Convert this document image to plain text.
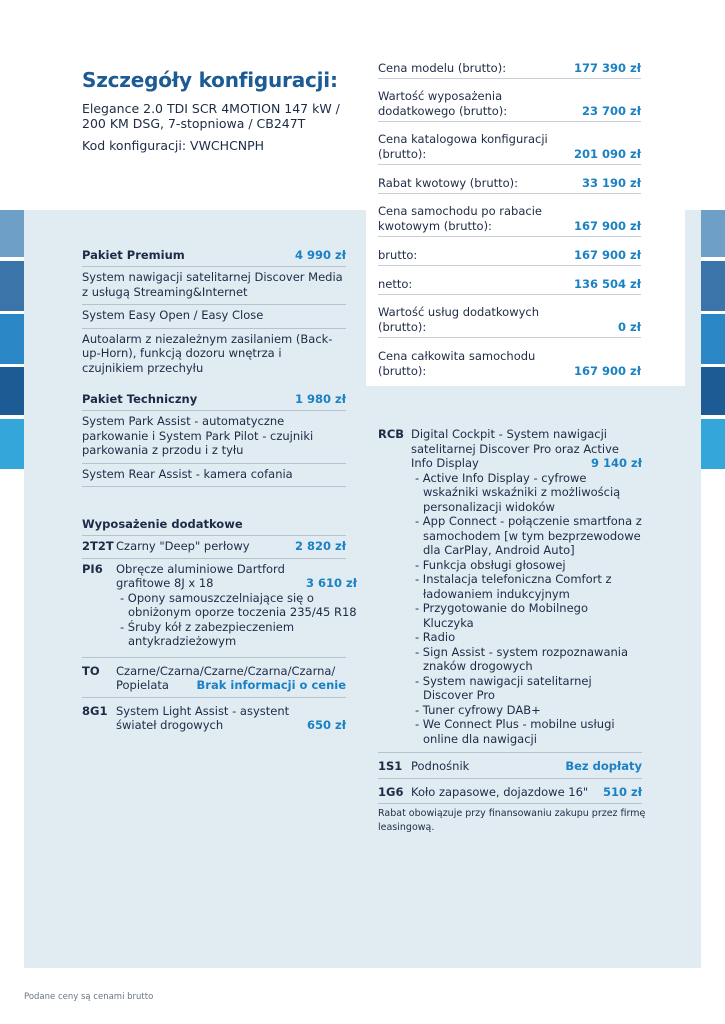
Szczegóły konfiguracji:
Elegance 2.0 TDI SCR 4MOTION 147 kW / 200 KM DSG, 7-stopniowa / CB247T
Kod konfiguracji: VWCHCNPH
Cena modelu (brutto):	177 390 zł
Wartość wyposażenia dodatkowego (brutto):	23 700 zł
Cena katalogowa konfiguracji (brutto):	201 090 zł
Rabat kwotowy (brutto):	33 190 zł
Cena samochodu po rabacie kwotowym (brutto):	167 900 zł
brutto:	167 900 zł
netto:	136 504 zł
Wartość usług dodatkowych (brutto):	0 zł
Cena całkowita samochodu (brutto):	167 900 zł
Pakiet Premium	4 990 zł
System nawigacji satelitarnej Discover Media z usługą Streaming&Internet
System Easy Open / Easy Close
Autoalarm z niezależnym zasilaniem (Back-up-Horn), funkcją dozoru wnętrza i czujnikiem przechyłu
Pakiet Techniczny	1 980 zł
System Park Assist - automatyczne parkowanie i System Park Pilot - czujniki parkowania z przodu i z tyłu
System Rear Assist - kamera cofania
Wyposażenie dodatkowe
2T2T Czarny "Deep" perłowy	2 820 zł
PI6	Obręcze aluminiowe Dartford grafitowe 8J x 18	3 610 zł
- Opony samouszczelniające się o obniżonym oporze toczenia 235/45 R18
- Śruby kół z zabezpieczeniem antykradzieżowym
TO	Czarne/Czarna/Czarne/Czarna/Czarna/ Popielata	Brak informacji o cenie
8G1 System Light Assist - asystent świateł drogowych	650 zł
RCB Digital Cockpit - System nawigacji satelitarnej Discover Pro oraz Active Info Display	9 140 zł
- Active Info Display - cyfrowe wskaźniki wskaźniki z możliwością personalizacji widoków
- App Connect - połączenie smartfona z samochodem [w tym bezprzewodowe dla CarPlay, Android Auto]
- Funkcja obsługi głosowej
- Instalacja telefoniczna Comfort z ładowaniem indukcyjnym
- Przygotowanie do Mobilnego Kluczyka
- Radio
- Sign Assist - system rozpoznawania znaków drogowych
- System nawigacji satelitarnej Discover Pro
- Tuner cyfrowy DAB+
- We Connect Plus - mobilne usługi online dla nawigacji
1S1 Podnośnik	Bez dopłaty
1G6 Koło zapasowe, dojazdowe 16" 510 zł
Rabat obowiązuje przy finansowaniu zakupu przez firmę leasingową.
Podane ceny są cenami brutto
